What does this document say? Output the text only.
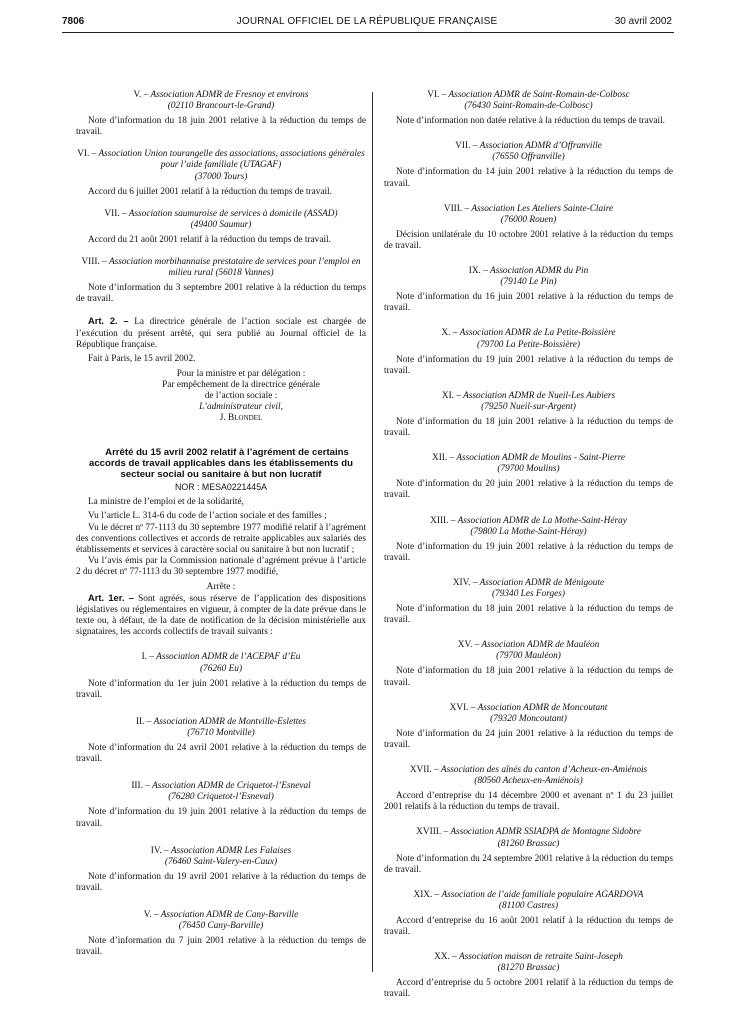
7806	JOURNAL OFFICIEL DE LA RÉPUBLIQUE FRANÇAISE	30 avril 2002
V. – Association ADMR de Fresnoy et environs
(02110 Brancourt-le-Grand)

Note d’information du 18 juin 2001 relative à la réduction du temps de travail.

VI. – Association Union tourangelle des associations, associations générales pour l’aide familiale (UTAGAF)
(37000 Tours)

Accord du 6 juillet 2001 relatif à la réduction du temps de travail.

VII. – Association saumuroise de services à domicile (ASSAD)
(49400 Saumur)

Accord du 21 août 2001 relatif à la réduction du temps de travail.

VIII. – Association morbihannaise prestataire de services pour l’emploi en milieu rural (56018 Vannes)

Note d’information du 3 septembre 2001 relative à la réduction du temps de travail.

Art. 2. – La directrice générale de l’action sociale est chargée de l’exécution du présent arrêté, qui sera publié au Journal officiel de la République française.

Fait à Paris, le 15 avril 2002.

Pour la ministre et par délégation :
Par empêchement de la directrice générale
de l’action sociale :
L’administrateur civil,
J. Blondel

Arrêté du 15 avril 2002 relatif à l’agrément de certains accords de travail applicables dans les établissements du secteur social ou sanitaire à but non lucratif

NOR : MESA0221445A

La ministre de l’emploi et de la solidarité,

Vu l’article L. 314-6 du code de l’action sociale et des familles ;

Vu le décret nº 77-1113 du 30 septembre 1977 modifié relatif à l’agrément des conventions collectives et accords de retraite applicables aux salariés des établissements et services à caractère social ou sanitaire à but non lucratif ;

Vu l’avis émis par la Commission nationale d’agrément prévue à l’article 2 du décret nº 77-1113 du 30 septembre 1977 modifié,

Arrête :

Art. 1er. – Sont agréés, sous réserve de l’application des dispositions législatives ou réglementaires en vigueur, à compter de la date prévue dans le texte ou, à défaut, de la date de notification de la décision ministérielle aux signataires, les accords collectifs de travail suivants :

I. – Association ADMR de l’ACEPAF d’Eu
(76260 Eu)

Note d’information du 1er juin 2001 relative à la réduction du temps de travail.

II. – Association ADMR de Montville-Eslettes
(76710 Montville)

Note d’information du 24 avril 2001 relative à la réduction du temps de travail.

III. – Association ADMR de Criquetot-l’Esneval
(76280 Criquetot-l’Esneval)

Note d’information du 19 juin 2001 relative à la réduction du temps de travail.

IV. – Association ADMR Les Falaises
(76460 Saint-Valery-en-Caux)

Note d’information du 19 avril 2001 relative à la réduction du temps de travail.

V. – Association ADMR de Cany-Barville
(76450 Cany-Barville)

Note d’information du 7 juin 2001 relative à la réduction du temps de travail.

VI. – Association ADMR de Saint-Romain-de-Colbosc
(76430 Saint-Romain-de-Colbosc)

Note d’information non datée relative à la réduction du temps de travail.

VII. – Association ADMR d’Offranville
(76550 Offranville)

Note d’information du 14 juin 2001 relative à la réduction du temps de travail.

VIII. – Association Les Ateliers Sainte-Claire
(76000 Rouen)

Décision unilatérale du 10 octobre 2001 relative à la réduction du temps de travail.

IX. – Association ADMR du Pin
(79140 Le Pin)

Note d’information du 16 juin 2001 relative à la réduction du temps de travail.

X. – Association ADMR de La Petite-Boissière
(79700 La Petite-Boissière)

Note d’information du 19 juin 2001 relative à la réduction du temps de travail.

XI. – Association ADMR de Nueil-Les Aubiers
(79250 Nueil-sur-Argent)

Note d’information du 18 juin 2001 relative à la réduction du temps de travail.

XII. – Association ADMR de Moulins - Saint-Pierre
(79700 Moulins)

Note d’information du 20 juin 2001 relative à la réduction du temps de travail.

XIII. – Association ADMR de La Mothe-Saint-Héray
(79800 La Mothe-Saint-Héray)

Note d’information du 19 juin 2001 relative à la réduction du temps de travail.

XIV. – Association ADMR de Ménigoute
(79340 Les Forges)

Note d’information du 18 juin 2001 relative à la réduction du temps de travail.

XV. – Association ADMR de Mauléon
(79700 Mauléon)

Note d’information du 18 juin 2001 relative à la réduction du temps de travail.

XVI. – Association ADMR de Moncoutant
(79320 Moncoutant)

Note d’information du 24 juin 2001 relative à la réduction du temps de travail.

XVII. – Association des aînés du canton d’Acheux-en-Amiénois
(80560 Acheux-en-Amiénois)

Accord d’entreprise du 14 décembre 2000 et avenant nº 1 du 23 juillet 2001 relatifs à la réduction du temps de travail.

XVIII. – Association ADMR SSIADPA de Montagne Sidobre
(81260 Brassac)

Note d’information du 24 septembre 2001 relative à la réduction du temps de travail.

XIX. – Association de l’aide familiale populaire AGARDOVA
(81100 Castres)

Accord d’entreprise du 16 août 2001 relatif à la réduction du temps de travail.

XX. – Association maison de retraite Saint-Joseph
(81270 Brassac)

Accord d’entreprise du 5 octobre 2001 relatif à la réduction du temps de travail.
